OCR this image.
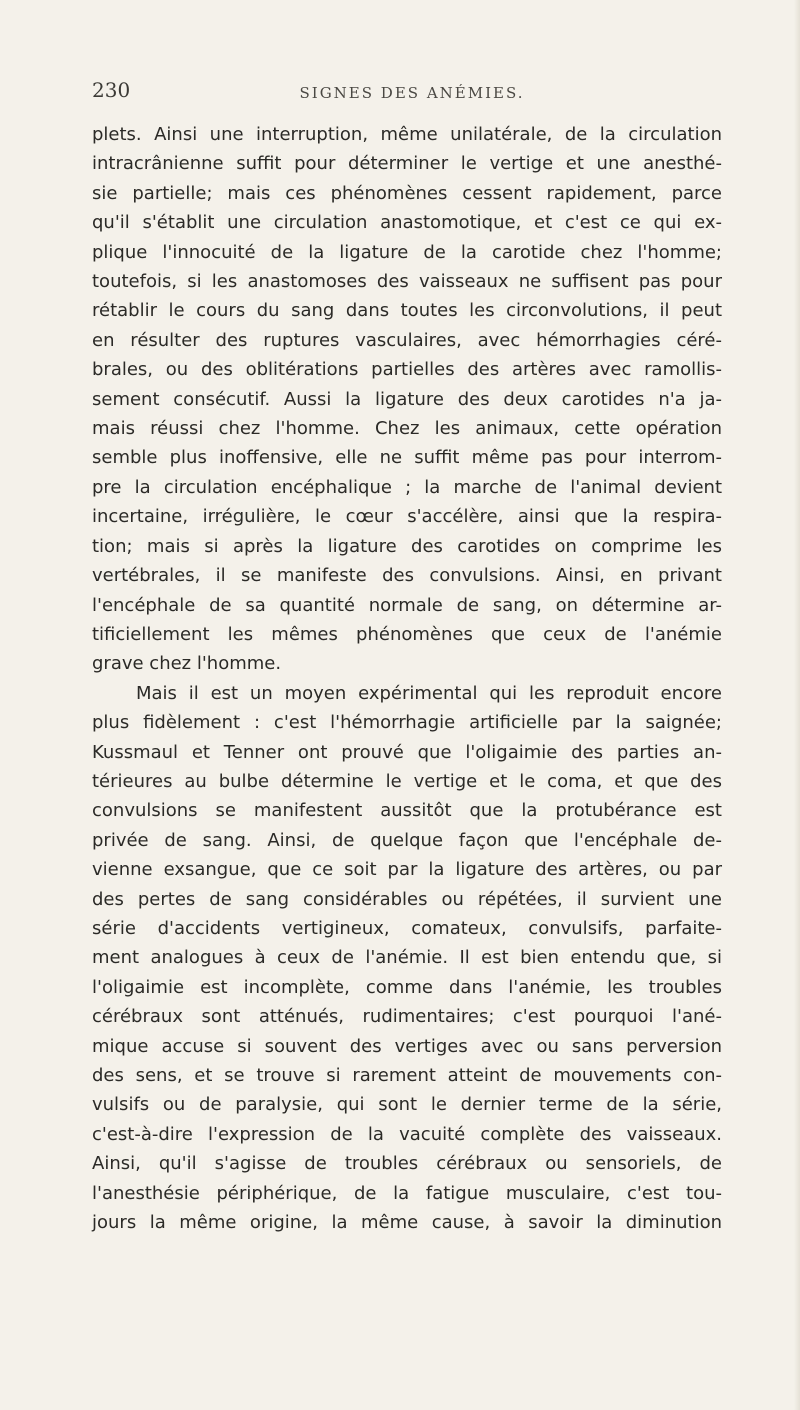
230	SIGNES DES ANÉMIES.
plets. Ainsi une interruption, même unilatérale, de la circulation
intracrânienne suffit pour déterminer le vertige et une anesthé-
sie partielle; mais ces phénomènes cessent rapidement, parce
qu'il s'établit une circulation anastomotique, et c'est ce qui ex-
plique l'innocuité de la ligature de la carotide chez l'homme;
toutefois, si les anastomoses des vaisseaux ne suffisent pas pour
rétablir le cours du sang dans toutes les circonvolutions, il peut
en résulter des ruptures vasculaires, avec hémorrhagies céré-
brales, ou des oblitérations partielles des artères avec ramollis-
sement consécutif. Aussi la ligature des deux carotides n'a ja-
mais réussi chez l'homme. Chez les animaux, cette opération
semble plus inoffensive, elle ne suffit même pas pour interrom-
pre la circulation encéphalique ; la marche de l'animal devient
incertaine, irrégulière, le cœur s'accélère, ainsi que la respira-
tion; mais si après la ligature des carotides on comprime les
vertébrales, il se manifeste des convulsions. Ainsi, en privant
l'encéphale de sa quantité normale de sang, on détermine ar-
tificiellement les mêmes phénomènes que ceux de l'anémie
grave chez l'homme.
Mais il est un moyen expérimental qui les reproduit encore
plus fidèlement : c'est l'hémorrhagie artificielle par la saignée;
Kussmaul et Tenner ont prouvé que l'oligaimie des parties an-
térieures au bulbe détermine le vertige et le coma, et que des
convulsions se manifestent aussitôt que la protubérance est
privée de sang. Ainsi, de quelque façon que l'encéphale de-
vienne exsangue, que ce soit par la ligature des artères, ou par
des pertes de sang considérables ou répétées, il survient une
série d'accidents vertigineux, comateux, convulsifs, parfaite-
ment analogues à ceux de l'anémie. Il est bien entendu que, si
l'oligaimie est incomplète, comme dans l'anémie, les troubles
cérébraux sont atténués, rudimentaires; c'est pourquoi l'ané-
mique accuse si souvent des vertiges avec ou sans perversion
des sens, et se trouve si rarement atteint de mouvements con-
vulsifs ou de paralysie, qui sont le dernier terme de la série,
c'est-à-dire l'expression de la vacuité complète des vaisseaux.
Ainsi, qu'il s'agisse de troubles cérébraux ou sensoriels, de
l'anesthésie périphérique, de la fatigue musculaire, c'est tou-
jours la même origine, la même cause, à savoir la diminution
